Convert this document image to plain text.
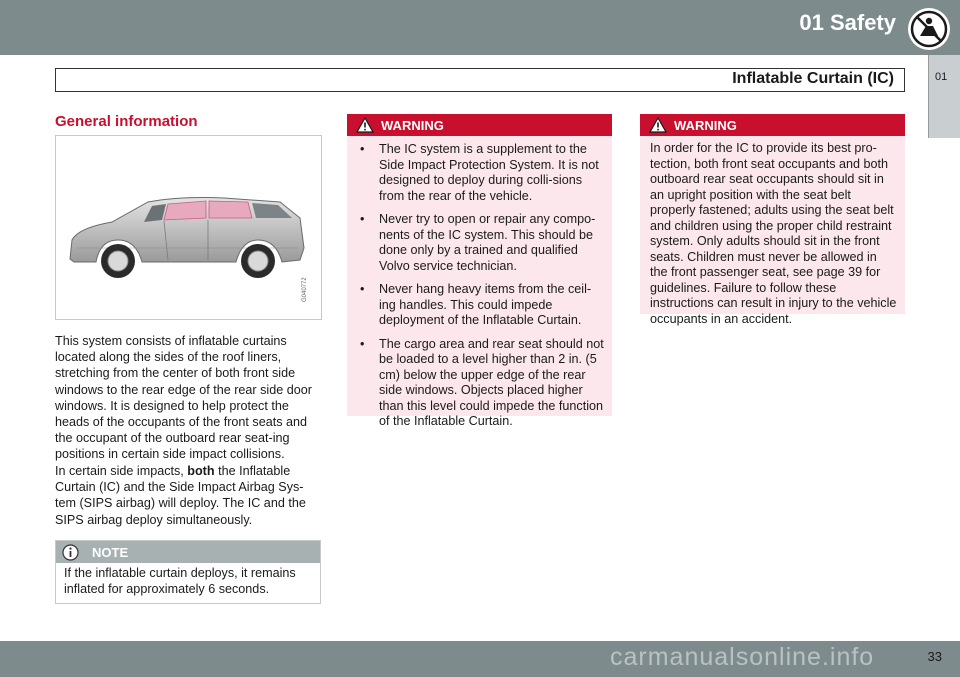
01 Safety
01
Inflatable Curtain (IC)
General information
G040772

This system consists of inflatable curtains located along the sides of the roof liners, stretching from the center of both front side windows to the rear edge of the rear side door windows. It is designed to help protect the heads of the occupants of the front seats and the occupant of the outboard rear seat-ing positions in certain side impact collisions.

In certain side impacts, both the Inflatable Curtain (IC) and the Side Impact Airbag Sys-tem (SIPS airbag) will deploy. The IC and the SIPS airbag deploy simultaneously.

NOTE

If the inflatable curtain deploys, it remains inflated for approximately 6 seconds.

WARNING
• The IC system is a supplement to the Side Impact Protection System. It is not designed to deploy during colli-sions from the rear of the vehicle.
• Never try to open or repair any compo-nents of the IC system. This should be done only by a trained and qualified Volvo service technician.
• Never hang heavy items from the ceil-ing handles. This could impede deployment of the Inflatable Curtain.
• The cargo area and rear seat should not be loaded to a level higher than 2 in. (5 cm) below the upper edge of the rear side windows. Objects placed higher than this level could impede the function of the Inflatable Curtain.
WARNING

In order for the IC to provide its best pro-tection, both front seat occupants and both outboard rear seat occupants should sit in an upright position with the seat belt properly fastened; adults using the seat belt and children using the proper child restraint system. Only adults should sit in the front seats. Children must never be allowed in the front passenger seat, see page 39 for guidelines. Failure to follow these instructions can result in injury to the vehicle occupants in an accident.

33
carmanualsonline.info
